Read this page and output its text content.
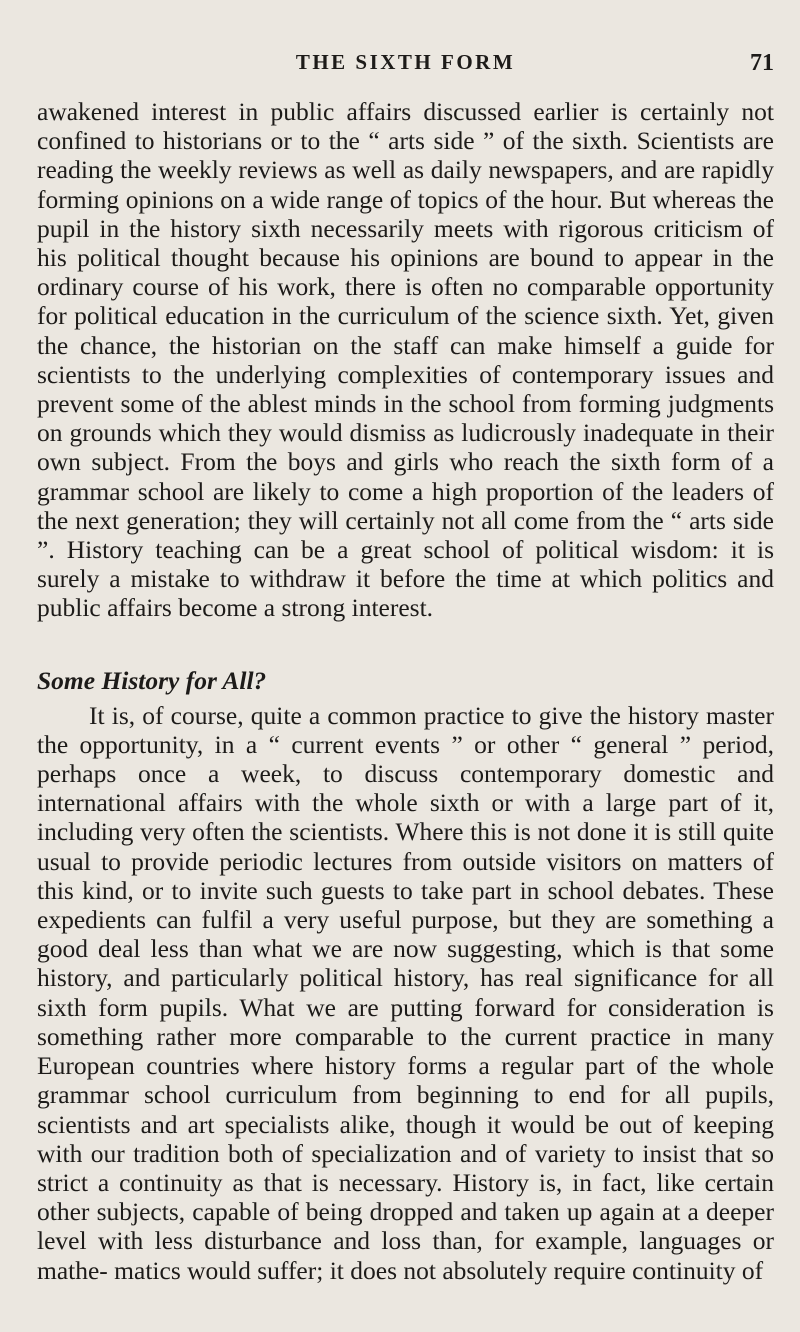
THE SIXTH FORM	71

awakened interest in public affairs discussed earlier is certainly not confined to historians or to the “ arts side ” of the sixth. Scientists are reading the weekly reviews as well as daily newspapers, and are rapidly forming opinions on a wide range of topics of the hour. But whereas the pupil in the history sixth necessarily meets with rigorous criticism of his political thought because his opinions are bound to appear in the ordinary course of his work, there is often no comparable opportunity for political education in the curriculum of the science sixth. Yet, given the chance, the historian on the staff can make himself a guide for scientists to the underlying complexities of contemporary issues and prevent some of the ablest minds in the school from forming judgments on grounds which they would dismiss as ludicrously inadequate in their own subject. From the boys and girls who reach the sixth form of a grammar school are likely to come a high proportion of the leaders of the next generation; they will certainly not all come from the “ arts side ”. History teaching can be a great school of political wisdom: it is surely a mistake to withdraw it before the time at which politics and public affairs become a strong interest.

Some History for All?

It is, of course, quite a common practice to give the history master the opportunity, in a “ current events ” or other “ general ” period, perhaps once a week, to discuss contemporary domestic and international affairs with the whole sixth or with a large part of it, including very often the scientists. Where this is not done it is still quite usual to provide periodic lectures from outside visitors on matters of this kind, or to invite such guests to take part in school debates. These expedients can fulfil a very useful purpose, but they are something a good deal less than what we are now suggesting, which is that some history, and particularly political history, has real significance for all sixth form pupils. What we are putting forward for consideration is something rather more comparable to the current practice in many European countries where history forms a regular part of the whole grammar school curriculum from beginning to end for all pupils, scientists and art specialists alike, though it would be out of keeping with our tradition both of specialization and of variety to insist that so strict a continuity as that is necessary. History is, in fact, like certain other subjects, capable of being dropped and taken up again at a deeper level with less disturbance and loss than, for example, languages or mathe- matics would suffer; it does not absolutely require continuity of
